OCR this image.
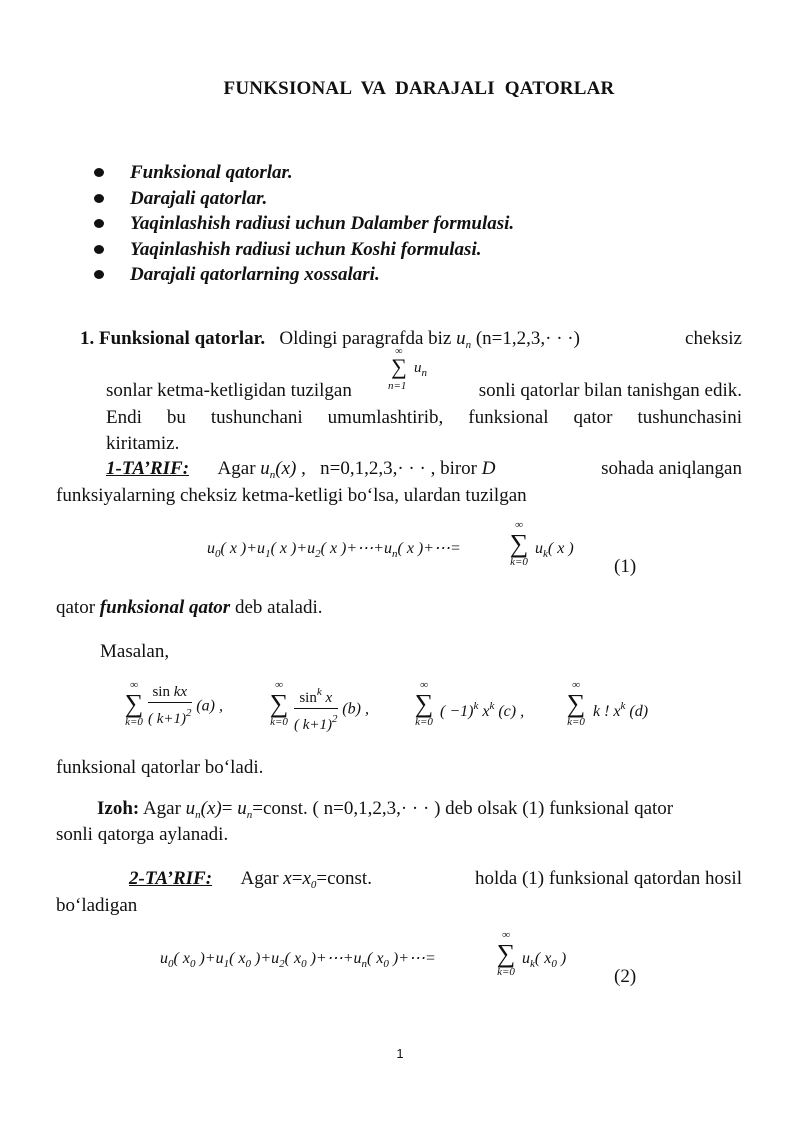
FUNKSIONAL VA DARAJALI QATORLAR
Funksional qatorlar.
Darajali qatorlar.
Yaqinlashish radiusi uchun Dalamber formulasi.
Yaqinlashish radiusi uchun Koshi formulasi.
Darajali qatorlarning xossalari.
1. Funksional qatorlar. Oldingi paragrafda biz $u_n$ (n=1,2,3,· · ·)	cheksiz
∞
∑ $u_n$
n=1
sonlar ketma-ketligidan tuzilgan	sonli qatorlar bilan tanishgan edik.
Endi bu tushunchani umumlashtirib, funksional qator tushunchasini
kiritamiz.
1-TA’RIF: Agar $u_n(x)$ ,   n=0,1,2,3,· · · , biror D	sohada aniqlangan
funksiyalarning cheksiz ketma-ketligi bo‘lsa, ulardan tuzilgan
$u_0$( x )$+u_1$( x )$+u_2$( x )$+\cdots+u_n$( x )+⋯=
∞
∑
k=0
$u_k$( x )
(1)
qator funksional qator deb ataladi.
Masalan,
∞
∑
$k=0 \frac{\text{sin kx}}{( k+1)^2} (a)$ ,
∞
∑
$k=0 \frac{\sin^k x}{( k+1)^2} (b)$ ,
∞
∑
k=0
( −1)$^k$ $x^k$ (c) ,
∞
∑
k=0
k ! $x^k$ (d)
funksional qatorlar bo‘ladi.
Izoh: Agar $u_n(x)=$ $u_n=const$. ( n=0,1,2,3,· · · ) deb olsak (1) funksional qator
sonli qatorga aylanadi.
2-TA’RIF: Agar $x=x_0=const$.	holda (1) funksional qatordan hosil
bo‘ladigan
$u_0$( $x_0$ )$+u_1$( $x_0$ )$+u_2$( $x_0$ )$+\cdots+u_n$( $x_0$ )+⋯=
∞
∑
k=0
$u_k$( $x_0$ )
(2)
1
